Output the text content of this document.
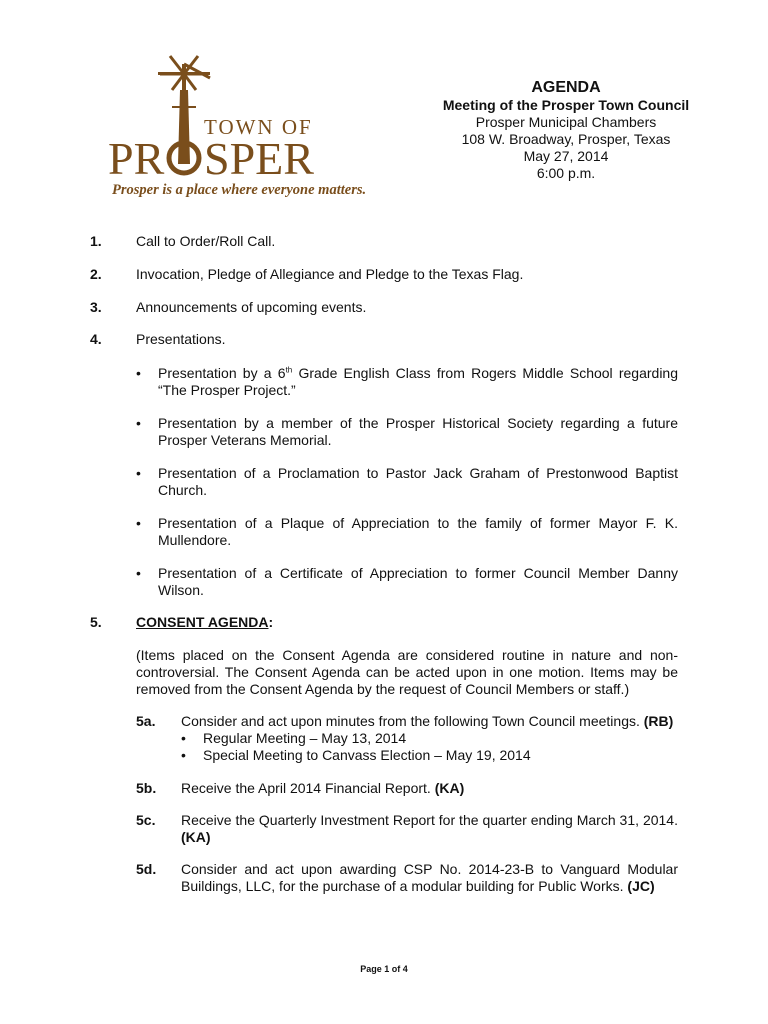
TOWN OF
PR SPER
Prosper is a place where everyone matters.
AGENDA
Meeting of the Prosper Town Council
Prosper Municipal Chambers
108 W. Broadway, Prosper, Texas
May 27, 2014
6:00 p.m.
1. Call to Order/Roll Call.
2. Invocation, Pledge of Allegiance and Pledge to the Texas Flag.
3. Announcements of upcoming events.
4. Presentations.
• Presentation by a 6th Grade English Class from Rogers Middle School regarding “The Prosper Project.”
• Presentation by a member of the Prosper Historical Society regarding a future Prosper Veterans Memorial.
• Presentation of a Proclamation to Pastor Jack Graham of Prestonwood Baptist Church.
• Presentation of a Plaque of Appreciation to the family of former Mayor F. K. Mullendore.
• Presentation of a Certificate of Appreciation to former Council Member Danny Wilson.
5. CONSENT AGENDA:
(Items placed on the Consent Agenda are considered routine in nature and non-controversial. The Consent Agenda can be acted upon in one motion. Items may be removed from the Consent Agenda by the request of Council Members or staff.)
5a. Consider and act upon minutes from the following Town Council meetings. (RB)
• Regular Meeting – May 13, 2014
• Special Meeting to Canvass Election – May 19, 2014
5b. Receive the April 2014 Financial Report. (KA)
5c. Receive the Quarterly Investment Report for the quarter ending March 31, 2014. (KA)
5d. Consider and act upon awarding CSP No. 2014-23-B to Vanguard Modular Buildings, LLC, for the purchase of a modular building for Public Works. (JC)
Page 1 of 4
